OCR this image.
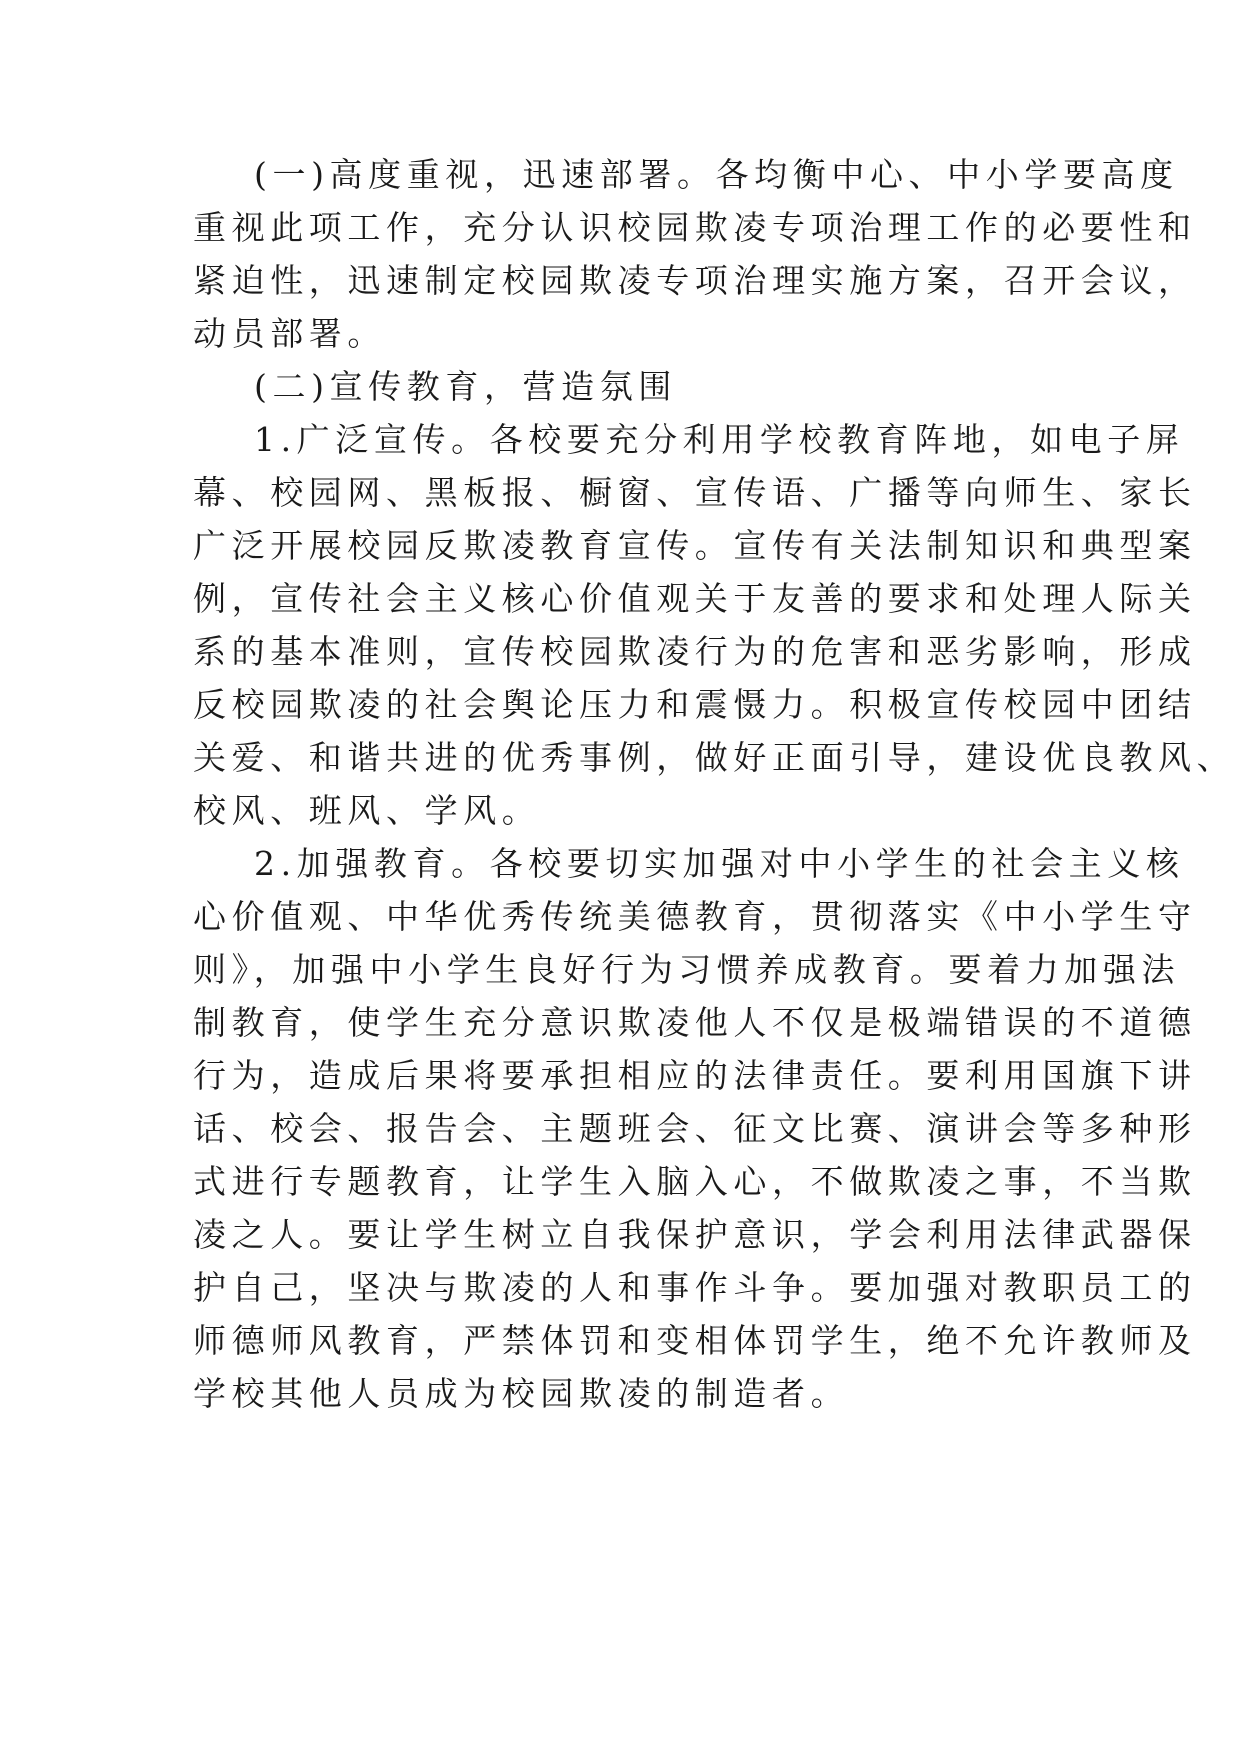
(一)高度重视，迅速部署。各均衡中心、中小学要高度
重视此项工作，充分认识校园欺凌专项治理工作的必要性和
紧迫性，迅速制定校园欺凌专项治理实施方案，召开会议，
动员部署。
(二)宣传教育，营造氛围
1.广泛宣传。各校要充分利用学校教育阵地，如电子屏
幕、校园网、黑板报、橱窗、宣传语、广播等向师生、家长
广泛开展校园反欺凌教育宣传。宣传有关法制知识和典型案
例，宣传社会主义核心价值观关于友善的要求和处理人际关
系的基本准则，宣传校园欺凌行为的危害和恶劣影响，形成
反校园欺凌的社会舆论压力和震慑力。积极宣传校园中团结
关爱、和谐共进的优秀事例，做好正面引导，建设优良教风、
校风、班风、学风。
2.加强教育。各校要切实加强对中小学生的社会主义核
心价值观、中华优秀传统美德教育，贯彻落实《中小学生守
则》，加强中小学生良好行为习惯养成教育。要着力加强法
制教育，使学生充分意识欺凌他人不仅是极端错误的不道德
行为，造成后果将要承担相应的法律责任。要利用国旗下讲
话、校会、报告会、主题班会、征文比赛、演讲会等多种形
式进行专题教育，让学生入脑入心，不做欺凌之事，不当欺
凌之人。要让学生树立自我保护意识，学会利用法律武器保
护自己，坚决与欺凌的人和事作斗争。要加强对教职员工的
师德师风教育，严禁体罚和变相体罚学生，绝不允许教师及
学校其他人员成为校园欺凌的制造者。
